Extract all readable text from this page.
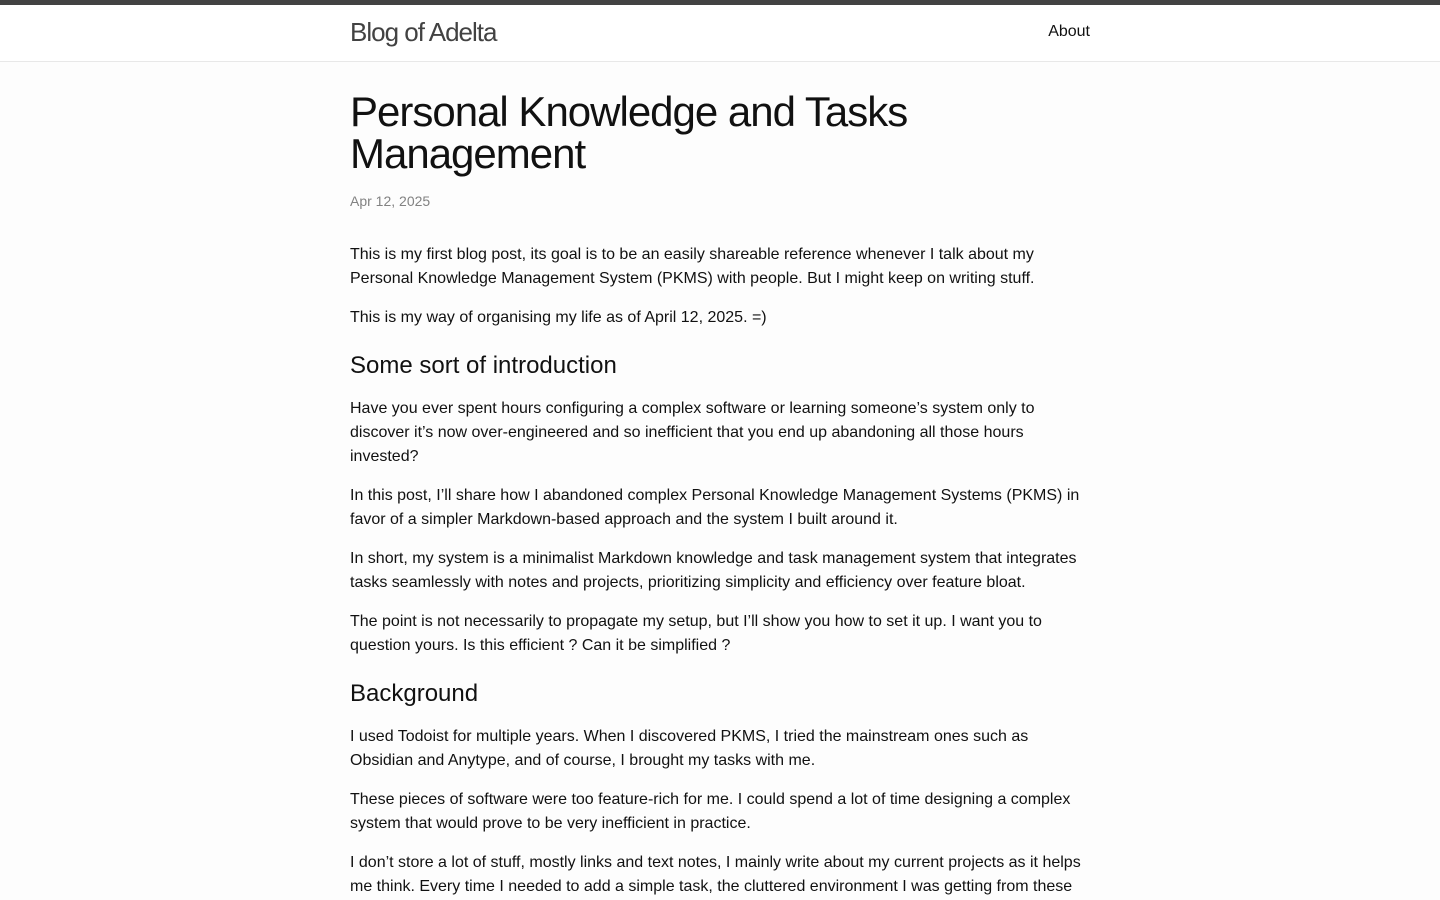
Blog of Adelta	About
Personal Knowledge and Tasks Management

Apr 12, 2025

This is my first blog post, its goal is to be an easily shareable reference whenever I talk about my Personal Knowledge Management System (PKMS) with people. But I might keep on writing stuff.

This is my way of organising my life as of April 12, 2025. =)

Some sort of introduction

Have you ever spent hours configuring a complex software or learning someone’s system only to discover it’s now over-engineered and so inefficient that you end up abandoning all those hours invested?

In this post, I’ll share how I abandoned complex Personal Knowledge Management Systems (PKMS) in favor of a simpler Markdown-based approach and the system I built around it.

In short, my system is a minimalist Markdown knowledge and task management system that integrates tasks seamlessly with notes and projects, prioritizing simplicity and efficiency over feature bloat.

The point is not necessarily to propagate my setup, but I’ll show you how to set it up. I want you to question yours. Is this efficient ? Can it be simplified ?

Background

I used Todoist for multiple years. When I discovered PKMS, I tried the mainstream ones such as Obsidian and Anytype, and of course, I brought my tasks with me.

These pieces of software were too feature-rich for me. I could spend a lot of time designing a complex system that would prove to be very inefficient in practice.

I don’t store a lot of stuff, mostly links and text notes, I mainly write about my current projects as it helps me think. Every time I needed to add a simple task, the cluttered environment I was getting from these
